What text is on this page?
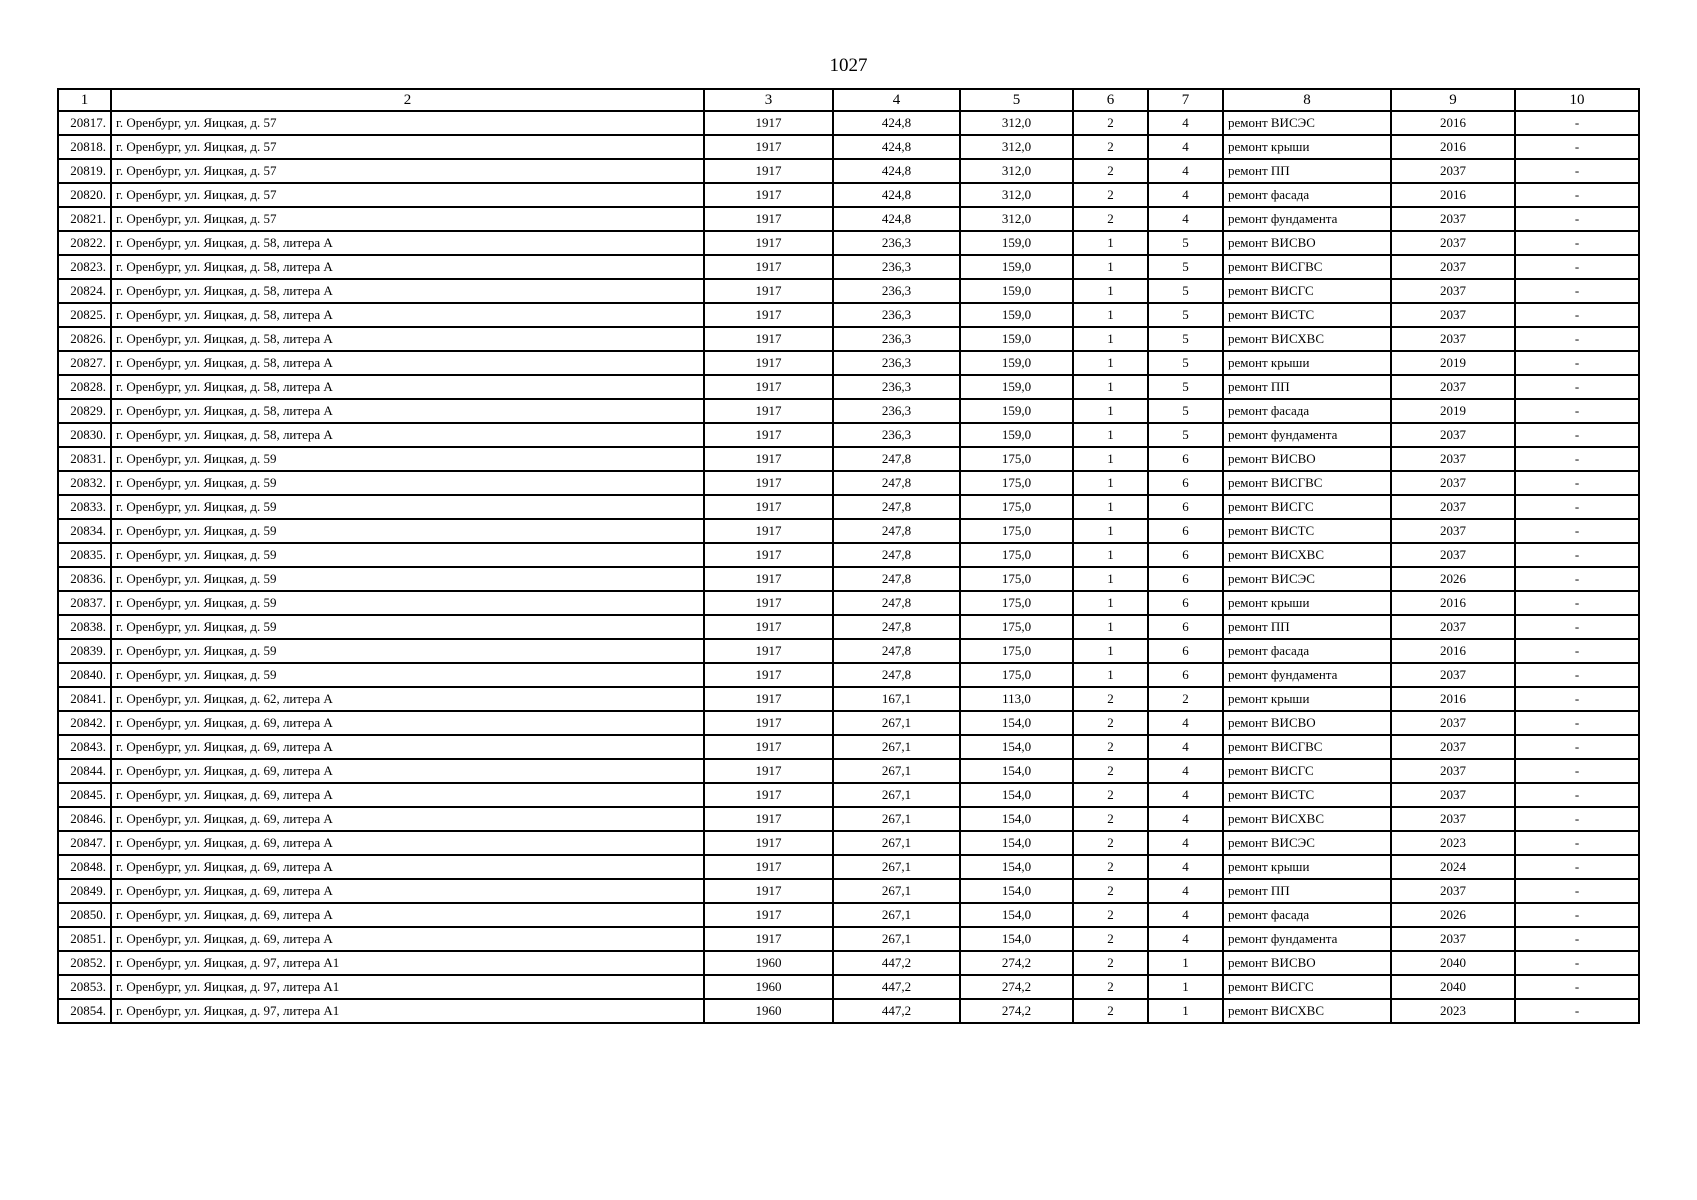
1027
1	2	3	4	5	6	7	8	9	10
20817.	г. Оренбург, ул. Яицкая, д. 57	1917	424,8	312,0	2	4	ремонт ВИСЭС	2016	-
20818.	г. Оренбург, ул. Яицкая, д. 57	1917	424,8	312,0	2	4	ремонт крыши	2016	-
20819.	г. Оренбург, ул. Яицкая, д. 57	1917	424,8	312,0	2	4	ремонт ПП	2037	-
20820.	г. Оренбург, ул. Яицкая, д. 57	1917	424,8	312,0	2	4	ремонт фасада	2016	-
20821.	г. Оренбург, ул. Яицкая, д. 57	1917	424,8	312,0	2	4	ремонт фундамента	2037	-
20822.	г. Оренбург, ул. Яицкая, д. 58, литера А	1917	236,3	159,0	1	5	ремонт ВИСВО	2037	-
20823.	г. Оренбург, ул. Яицкая, д. 58, литера А	1917	236,3	159,0	1	5	ремонт ВИСГВС	2037	-
20824.	г. Оренбург, ул. Яицкая, д. 58, литера А	1917	236,3	159,0	1	5	ремонт ВИСГС	2037	-
20825.	г. Оренбург, ул. Яицкая, д. 58, литера А	1917	236,3	159,0	1	5	ремонт ВИСТС	2037	-
20826.	г. Оренбург, ул. Яицкая, д. 58, литера А	1917	236,3	159,0	1	5	ремонт ВИСХВС	2037	-
20827.	г. Оренбург, ул. Яицкая, д. 58, литера А	1917	236,3	159,0	1	5	ремонт крыши	2019	-
20828.	г. Оренбург, ул. Яицкая, д. 58, литера А	1917	236,3	159,0	1	5	ремонт ПП	2037	-
20829.	г. Оренбург, ул. Яицкая, д. 58, литера А	1917	236,3	159,0	1	5	ремонт фасада	2019	-
20830.	г. Оренбург, ул. Яицкая, д. 58, литера А	1917	236,3	159,0	1	5	ремонт фундамента	2037	-
20831.	г. Оренбург, ул. Яицкая, д. 59	1917	247,8	175,0	1	6	ремонт ВИСВО	2037	-
20832.	г. Оренбург, ул. Яицкая, д. 59	1917	247,8	175,0	1	6	ремонт ВИСГВС	2037	-
20833.	г. Оренбург, ул. Яицкая, д. 59	1917	247,8	175,0	1	6	ремонт ВИСГС	2037	-
20834.	г. Оренбург, ул. Яицкая, д. 59	1917	247,8	175,0	1	6	ремонт ВИСТС	2037	-
20835.	г. Оренбург, ул. Яицкая, д. 59	1917	247,8	175,0	1	6	ремонт ВИСХВС	2037	-
20836.	г. Оренбург, ул. Яицкая, д. 59	1917	247,8	175,0	1	6	ремонт ВИСЭС	2026	-
20837.	г. Оренбург, ул. Яицкая, д. 59	1917	247,8	175,0	1	6	ремонт крыши	2016	-
20838.	г. Оренбург, ул. Яицкая, д. 59	1917	247,8	175,0	1	6	ремонт ПП	2037	-
20839.	г. Оренбург, ул. Яицкая, д. 59	1917	247,8	175,0	1	6	ремонт фасада	2016	-
20840.	г. Оренбург, ул. Яицкая, д. 59	1917	247,8	175,0	1	6	ремонт фундамента	2037	-
20841.	г. Оренбург, ул. Яицкая, д. 62, литера А	1917	167,1	113,0	2	2	ремонт крыши	2016	-
20842.	г. Оренбург, ул. Яицкая, д. 69, литера А	1917	267,1	154,0	2	4	ремонт ВИСВО	2037	-
20843.	г. Оренбург, ул. Яицкая, д. 69, литера А	1917	267,1	154,0	2	4	ремонт ВИСГВС	2037	-
20844.	г. Оренбург, ул. Яицкая, д. 69, литера А	1917	267,1	154,0	2	4	ремонт ВИСГС	2037	-
20845.	г. Оренбург, ул. Яицкая, д. 69, литера А	1917	267,1	154,0	2	4	ремонт ВИСТС	2037	-
20846.	г. Оренбург, ул. Яицкая, д. 69, литера А	1917	267,1	154,0	2	4	ремонт ВИСХВС	2037	-
20847.	г. Оренбург, ул. Яицкая, д. 69, литера А	1917	267,1	154,0	2	4	ремонт ВИСЭС	2023	-
20848.	г. Оренбург, ул. Яицкая, д. 69, литера А	1917	267,1	154,0	2	4	ремонт крыши	2024	-
20849.	г. Оренбург, ул. Яицкая, д. 69, литера А	1917	267,1	154,0	2	4	ремонт ПП	2037	-
20850.	г. Оренбург, ул. Яицкая, д. 69, литера А	1917	267,1	154,0	2	4	ремонт фасада	2026	-
20851.	г. Оренбург, ул. Яицкая, д. 69, литера А	1917	267,1	154,0	2	4	ремонт фундамента	2037	-
20852.	г. Оренбург, ул. Яицкая, д. 97, литера А1	1960	447,2	274,2	2	1	ремонт ВИСВО	2040	-
20853.	г. Оренбург, ул. Яицкая, д. 97, литера А1	1960	447,2	274,2	2	1	ремонт ВИСГС	2040	-
20854.	г. Оренбург, ул. Яицкая, д. 97, литера А1	1960	447,2	274,2	2	1	ремонт ВИСХВС	2023	-
